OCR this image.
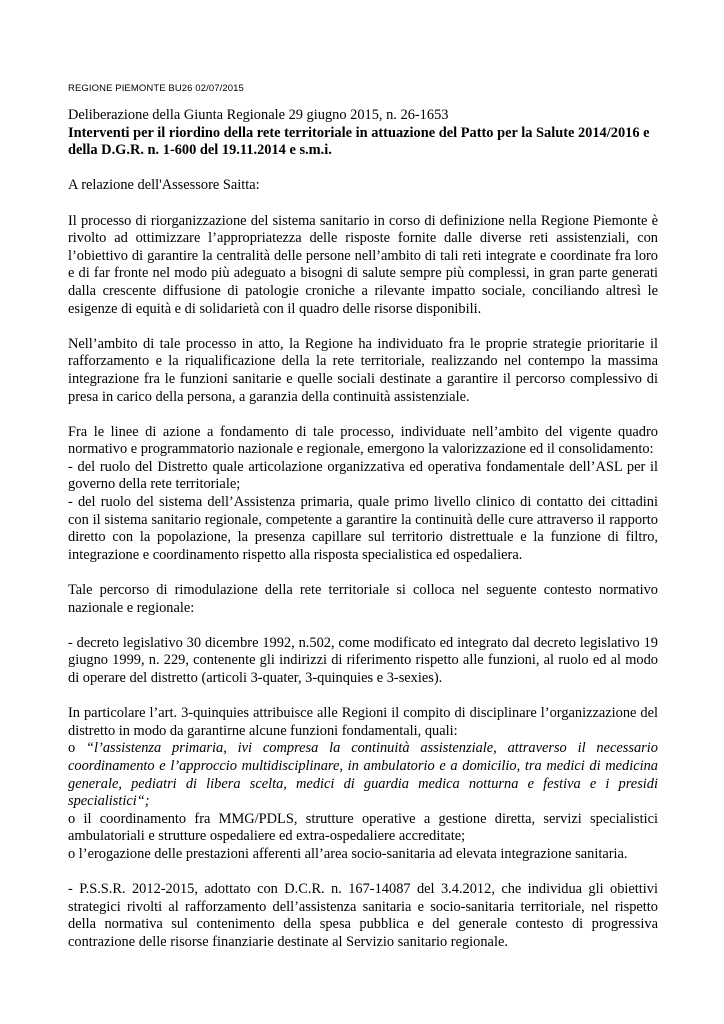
REGIONE PIEMONTE BU26 02/07/2015

Deliberazione della Giunta Regionale 29 giugno 2015, n. 26-1653

Interventi per il riordino della rete territoriale in attuazione del Patto per la Salute 2014/2016 e della D.G.R. n. 1-600 del 19.11.2014 e s.m.i.

A relazione dell'Assessore Saitta:

Il processo di riorganizzazione del sistema sanitario in corso di definizione nella Regione Piemonte è rivolto ad ottimizzare l’appropriatezza delle risposte fornite dalle diverse reti assistenziali, con l’obiettivo di garantire la centralità delle persone nell’ambito di tali reti integrate e coordinate fra loro e di far fronte nel modo più adeguato a bisogni di salute sempre più complessi, in gran parte generati dalla crescente diffusione di patologie croniche a rilevante impatto sociale, conciliando altresì le esigenze di equità e di solidarietà con il quadro delle risorse disponibili.

Nell’ambito di tale processo in atto, la Regione ha individuato fra le proprie strategie prioritarie il rafforzamento e la riqualificazione della la rete territoriale, realizzando nel contempo la massima integrazione fra le funzioni sanitarie e quelle sociali destinate a garantire il percorso complessivo di presa in carico della persona, a garanzia della continuità assistenziale.

Fra le linee di azione a fondamento di tale processo, individuate nell’ambito del vigente quadro normativo e programmatorio nazionale e regionale, emergono la valorizzazione ed il consolidamento:

- del ruolo del Distretto quale articolazione organizzativa ed operativa fondamentale dell’ASL per il governo della rete territoriale;

- del ruolo del sistema dell’Assistenza primaria, quale primo livello clinico di contatto dei cittadini con il sistema sanitario regionale, competente a garantire la continuità delle cure attraverso il rapporto diretto con la popolazione, la presenza capillare sul territorio distrettuale e la funzione di filtro, integrazione e coordinamento rispetto alla risposta specialistica ed ospedaliera.

Tale percorso di rimodulazione della rete territoriale si colloca nel seguente contesto normativo nazionale e regionale:

- decreto legislativo 30 dicembre 1992, n.502, come modificato ed integrato dal decreto legislativo 19 giugno 1999, n. 229, contenente gli indirizzi di riferimento rispetto alle funzioni, al ruolo ed al modo di operare del distretto (articoli 3-quater, 3-quinquies e 3-sexies).

In particolare l’art. 3-quinquies attribuisce alle Regioni il compito di disciplinare l’organizzazione del distretto in modo da garantirne alcune funzioni fondamentali, quali:

o “l’assistenza primaria, ivi compresa la continuità assistenziale, attraverso il necessario coordinamento e l’approccio multidisciplinare, in ambulatorio e a domicilio, tra medici di medicina generale, pediatri di libera scelta, medici di guardia medica notturna e festiva e i presidi specialistici“;

o il coordinamento fra MMG/PDLS, strutture operative a gestione diretta, servizi specialistici ambulatoriali e strutture ospedaliere ed extra-ospedaliere accreditate;

o l’erogazione delle prestazioni afferenti all’area socio-sanitaria ad elevata integrazione sanitaria.

- P.S.S.R. 2012-2015, adottato con D.C.R. n. 167-14087 del 3.4.2012, che individua gli obiettivi strategici rivolti al rafforzamento dell’assistenza sanitaria e socio-sanitaria territoriale, nel rispetto della normativa sul contenimento della spesa pubblica e del generale contesto di progressiva contrazione delle risorse finanziarie destinate al Servizio sanitario regionale.
